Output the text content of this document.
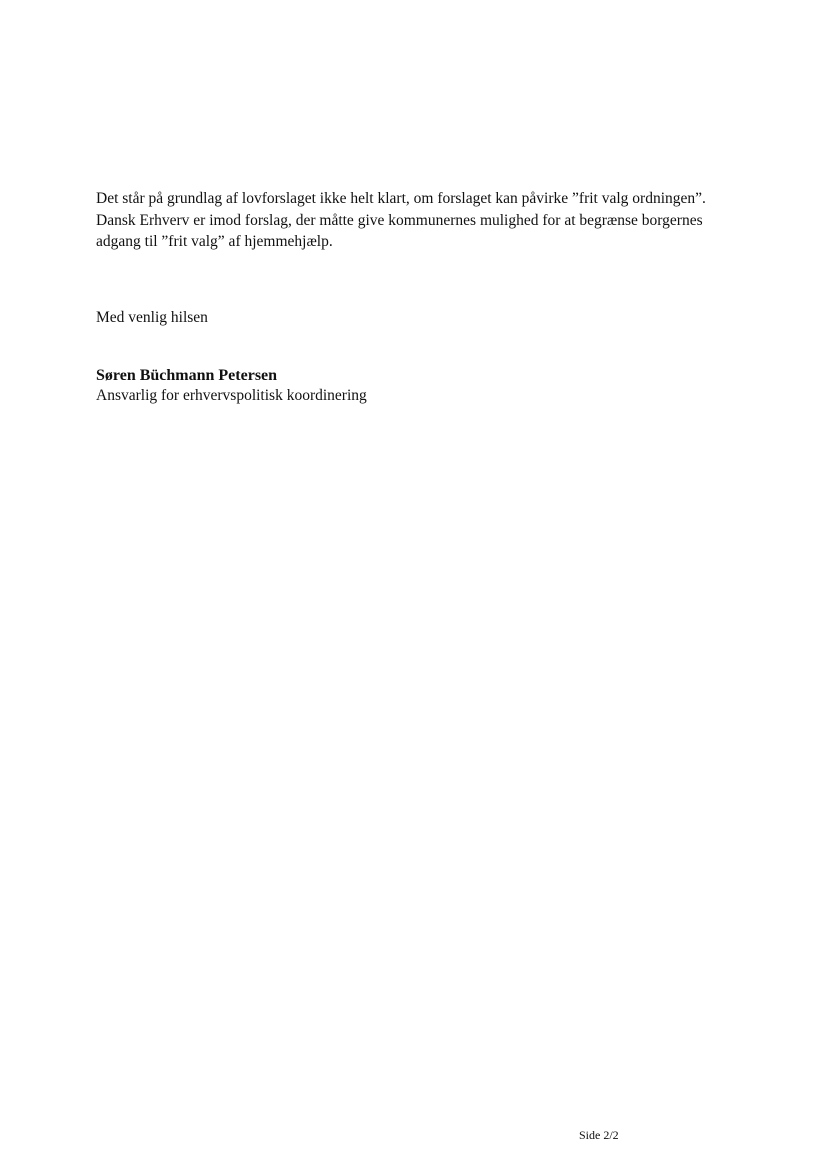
Det står på grundlag af lovforslaget ikke helt klart, om forslaget kan påvirke ”frit valg ordningen”.
Dansk Erhverv er imod forslag, der måtte give kommunernes mulighed for at begrænse borgernes
adgang til ”frit valg” af hjemmehjælp.

Med venlig hilsen

Søren Büchmann Petersen

Ansvarlig for erhvervspolitisk koordinering

Side 2/2
